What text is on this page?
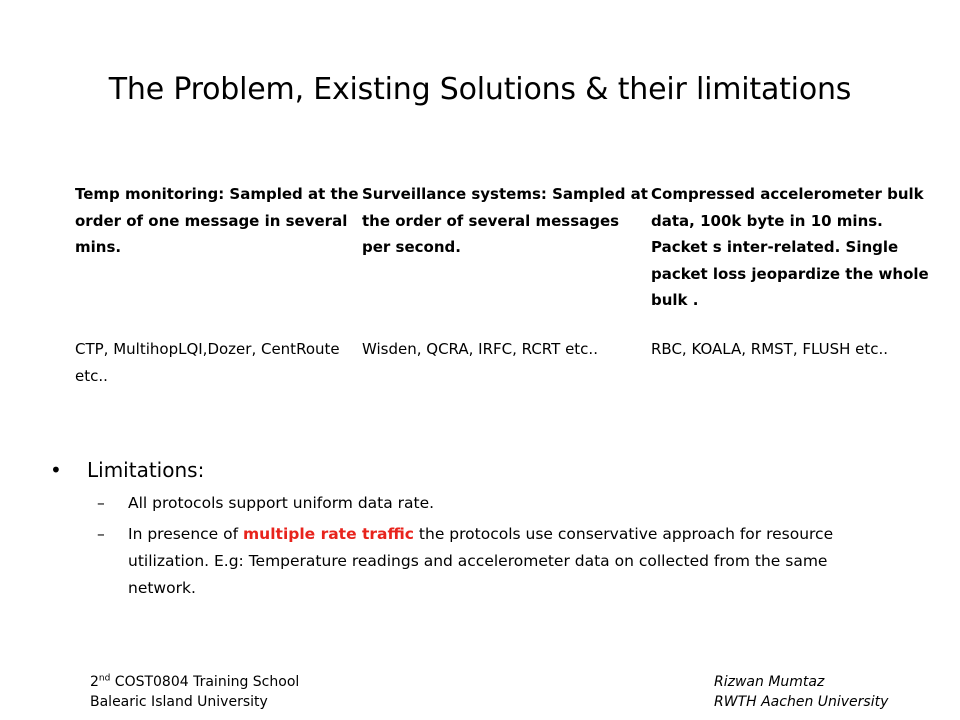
The Problem, Existing Solutions & their limitations
Temp monitoring: Sampled at the order of one message in several mins.
CTP, MultihopLQI,Dozer, CentRoute etc..
Surveillance systems: Sampled at the order of several messages per second.
Wisden, QCRA, IRFC, RCRT etc..
Compressed accelerometer bulk data, 100k byte in 10 mins. Packet s inter-related. Single packet loss jeopardize the whole bulk .
RBC, KOALA, RMST, FLUSH etc..
• Limitations:
– All protocols support uniform data rate.
– In presence of multiple rate traffic the protocols use conservative approach for resource utilization. E.g: Temperature readings and accelerometer data on collected from the same network.
2nd COST0804 Training School
Balearic Island University
Rizwan Mumtaz
RWTH Aachen University
